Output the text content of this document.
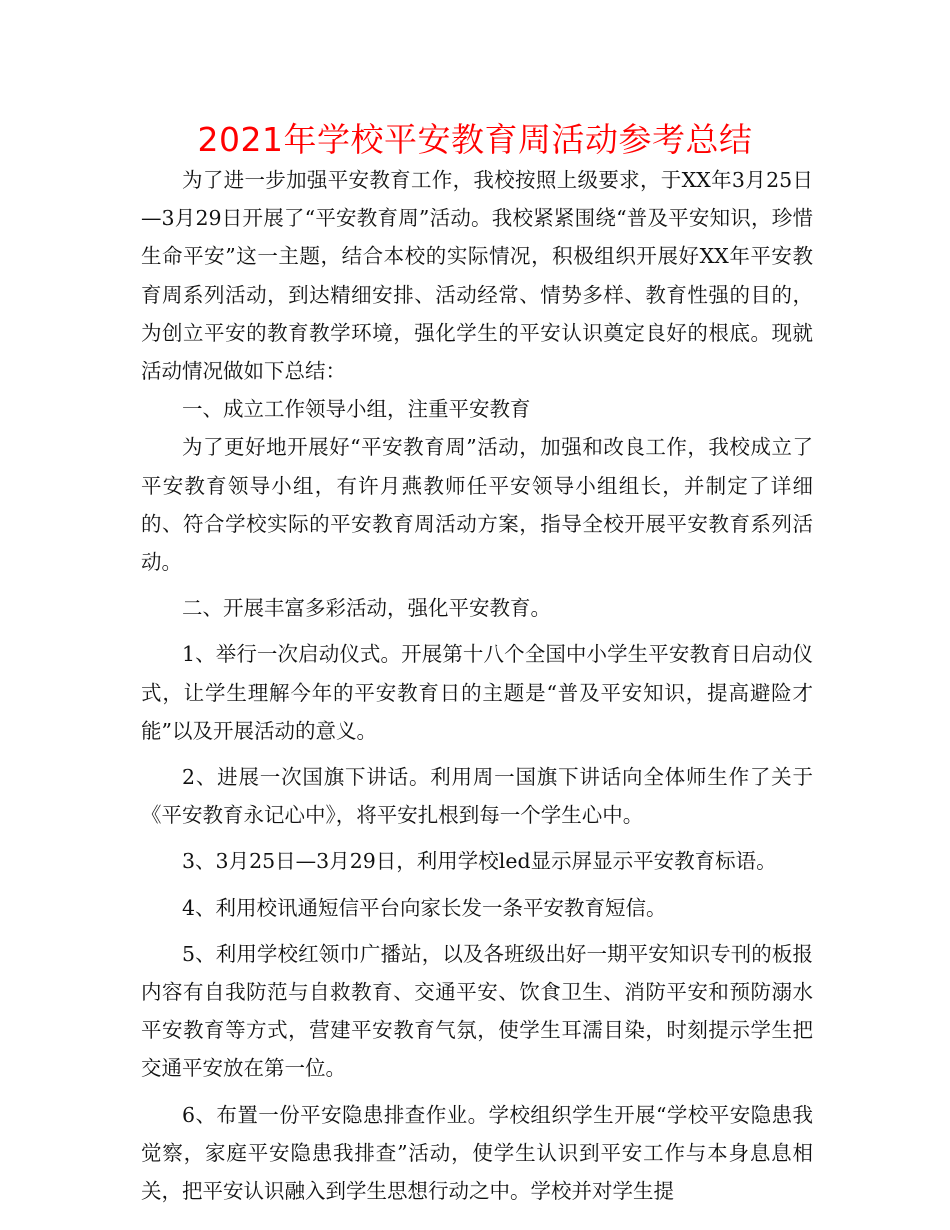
2021年学校平安教育周活动参考总结

为了进一步加强平安教育工作，我校按照上级要求，于XX年3月25日—3月29日开展了“平安教育周”活动。我校紧紧围绕“普及平安知识，珍惜生命平安”这一主题，结合本校的实际情况，积极组织开展好XX年平安教育周系列活动，到达精细安排、活动经常、情势多样、教育性强的目的，为创立平安的教育教学环境，强化学生的平安认识奠定良好的根底。现就活动情况做如下总结：

一、成立工作领导小组，注重平安教育

为了更好地开展好“平安教育周”活动，加强和改良工作，我校成立了平安教育领导小组，有许月燕教师任平安领导小组组长，并制定了详细的、符合学校实际的平安教育周活动方案，指导全校开展平安教育系列活动。

二、开展丰富多彩活动，强化平安教育。

1、举行一次启动仪式。开展第十八个全国中小学生平安教育日启动仪式，让学生理解今年的平安教育日的主题是“普及平安知识，提高避险才能”以及开展活动的意义。

2、进展一次国旗下讲话。利用周一国旗下讲话向全体师生作了关于《平安教育永记心中》，将平安扎根到每一个学生心中。

3、3月25日—3月29日，利用学校led显示屏显示平安教育标语。

4、利用校讯通短信平台向家长发一条平安教育短信。

5、利用学校红领巾广播站，以及各班级出好一期平安知识专刊的板报内容有自我防范与自救教育、交通平安、饮食卫生、消防平安和预防溺水平安教育等方式，营建平安教育气氛，使学生耳濡目染，时刻提示学生把交通平安放在第一位。

6、布置一份平安隐患排查作业。学校组织学生开展“学校平安隐患我觉察，家庭平安隐患我排查”活动，使学生认识到平安工作与本身息息相关，把平安认识融入到学生思想行动之中。学校并对学生提
